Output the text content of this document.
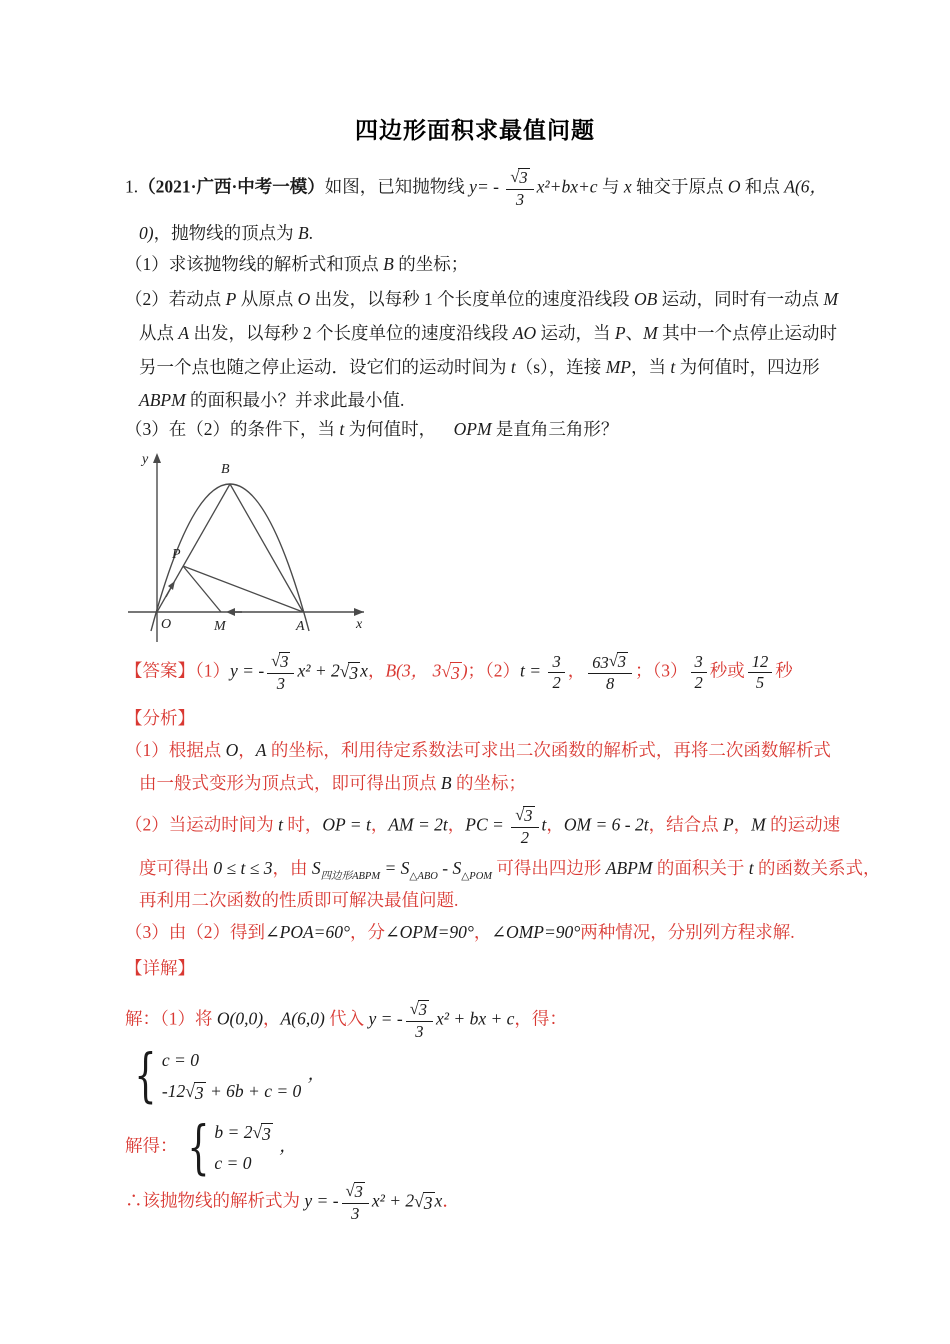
四边形面积求最值问题
1.（2021·广西·中考一模）如图，已知抛物线 $y= - \frac{√ 3}{3} x^2+bx+c$ 与 x 轴交于原点 O 和点 A(6，
0)，抛物线的顶点为 B.
（1）求该抛物线的解析式和顶点 B 的坐标；
（2）若动点 P 从原点 O 出发，以每秒 1 个长度单位的速度沿线段 OB 运动，同时有一动点 M
从点 A 出发，以每秒 2 个长度单位的速度沿线段 AO 运动，当 P、M 其中一个点停止运动时
另一个点也随之停止运动．设它们的运动时间为 t（s），连接 MP，当 t 为何值时，四边形
ABPM 的面积最小？并求此最小值.
（3）在（2）的条件下，当 t 为何值时，    OPM 是直角三角形？
y
x
O	M	A
B
P
【答案】（1）y = - $\frac{√ 3}{3} x^2 + 2$ √ 3 x，B(3， 3 √ 3 )；$(2)t = \frac{3}{2}$ ， $\frac{63 √ 3}{8}$ ；$(3) \frac{3}{2}$ 秒或 $\frac{12}{5}$ 秒
【分析】
（1）根据点 O，A 的坐标，利用待定系数法可求出二次函数的解析式，再将二次函数解析式
由一般式变形为顶点式，即可得出顶点 B 的坐标；
（2）当运动时间为 t 时，OP = t，AM = 2t，PC = $\frac{√ 3}{2}$ t，OM = 6 - 2t，结合点 P，M 的运动速
度可得出 0 ≤ t ≤ 3，由 $S_{四边形ABPM} = S_{\triangle ABO} - S_{\triangle POM}$ 可得出四边形 ABPM 的面积关于 t 的函数关系式，
再利用二次函数的性质即可解决最值问题.
（3）由（2）得到∠POA=60°，分∠OPM=90°，∠OMP=90°两种情况，分别列方程求解.
【详解】
解：（1）将 O(0,0)，A(6,0) 代入 y = - $\frac{√ 3}{3} x^2$ + bx + c，得：
{ c = 0
-12 √ 3 + 6b + c = 0
，
解得： { b = 2 √ 3
c = 0
，
∴该抛物线的解析式为 y = - $\frac{√ 3}{3} x^2 + 2$ √ 3 x．
